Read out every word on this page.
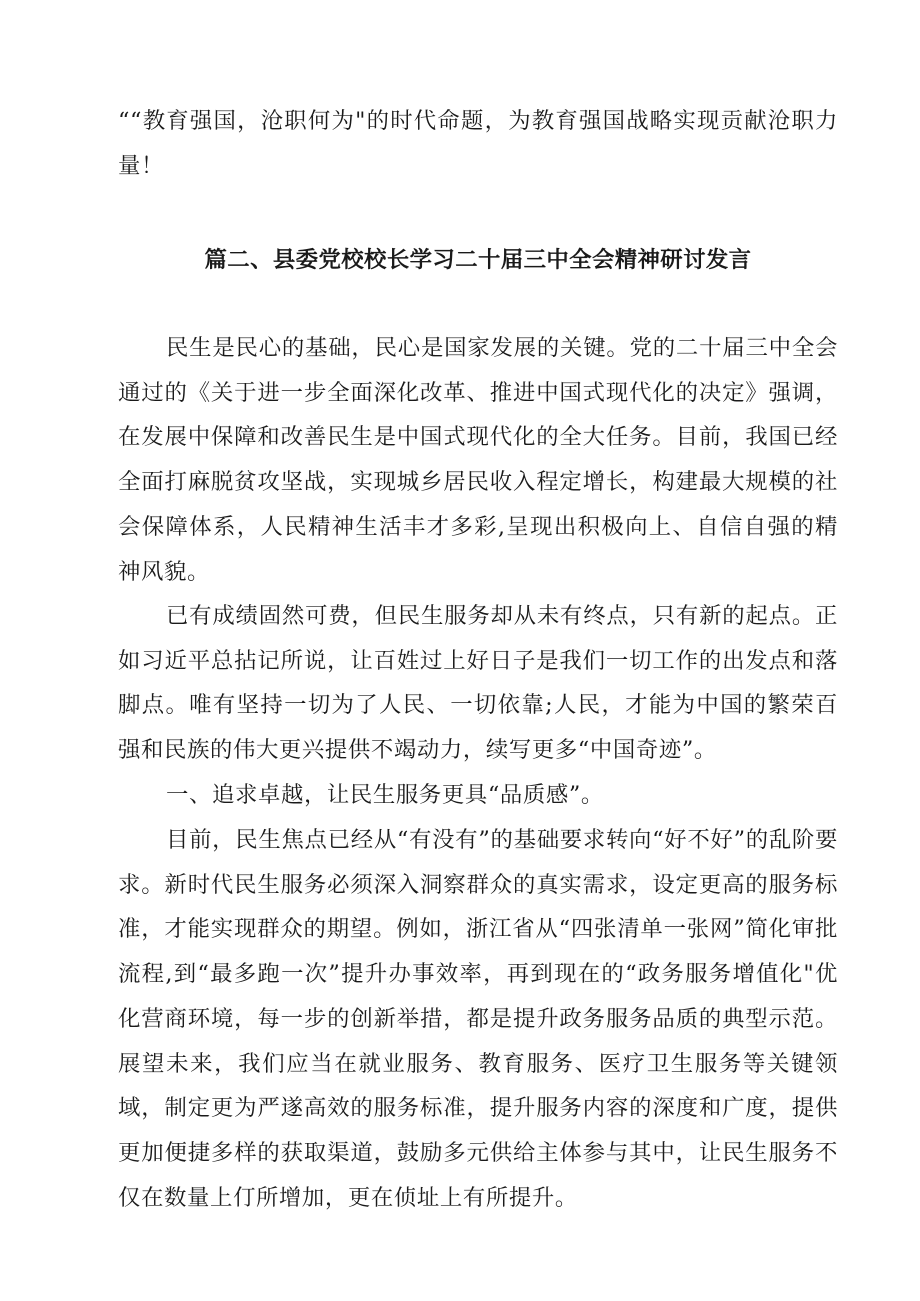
““教育强国，沧职何为"的时代命题，为教育强国战略实现贡献沧职力量！

篇二、县委党校校长学习二十届三中全会精神研讨发言

民生是民心的基础，民心是国家发展的关键。党的二十届三中全会通过的《关于进一步全面深化改革、推进中国式现代化的决定》强调，在发展中保障和改善民生是中国式现代化的全大任务。目前，我国已经全面打麻脱贫攻坚战，实现城乡居民收入程定增长，构建最大规模的社会保障体系，人民精神生活丰才多彩,呈现出积极向上、自信自强的精神风貌。

已有成绩固然可费，但民生服务却从未有终点，只有新的起点。正如习近平总拈记所说，让百姓过上好日子是我们一切工作的出发点和落脚点。唯有坚持一切为了人民、一切依靠;人民，才能为中国的繁荣百强和民族的伟大更兴提供不竭动力，续写更多“中国奇迹”。

一、追求卓越，让民生服务更具“品质感”。

目前，民生焦点已经从“有没有”的基础要求转向“好不好”的乱阶要求。新时代民生服务必须深入洞察群众的真实需求，设定更高的服务标准，才能实现群众的期望。例如，浙江省从“四张清单一张网”简化审批流程,到“最多跑一次”提升办事效率，再到现在的“政务服务增值化"优化营商环境，每一步的创新举措，都是提升政务服务品质的典型示范。展望未来，我们应当在就业服务、教育服务、医疗卫生服务等关键领域，制定更为严遂高效的服务标准，提升服务内容的深度和广度，提供更加便捷多样的获取渠道，鼓励多元供给主体参与其中，让民生服务不仅在数量上仃所增加，更在侦址上有所提升。
